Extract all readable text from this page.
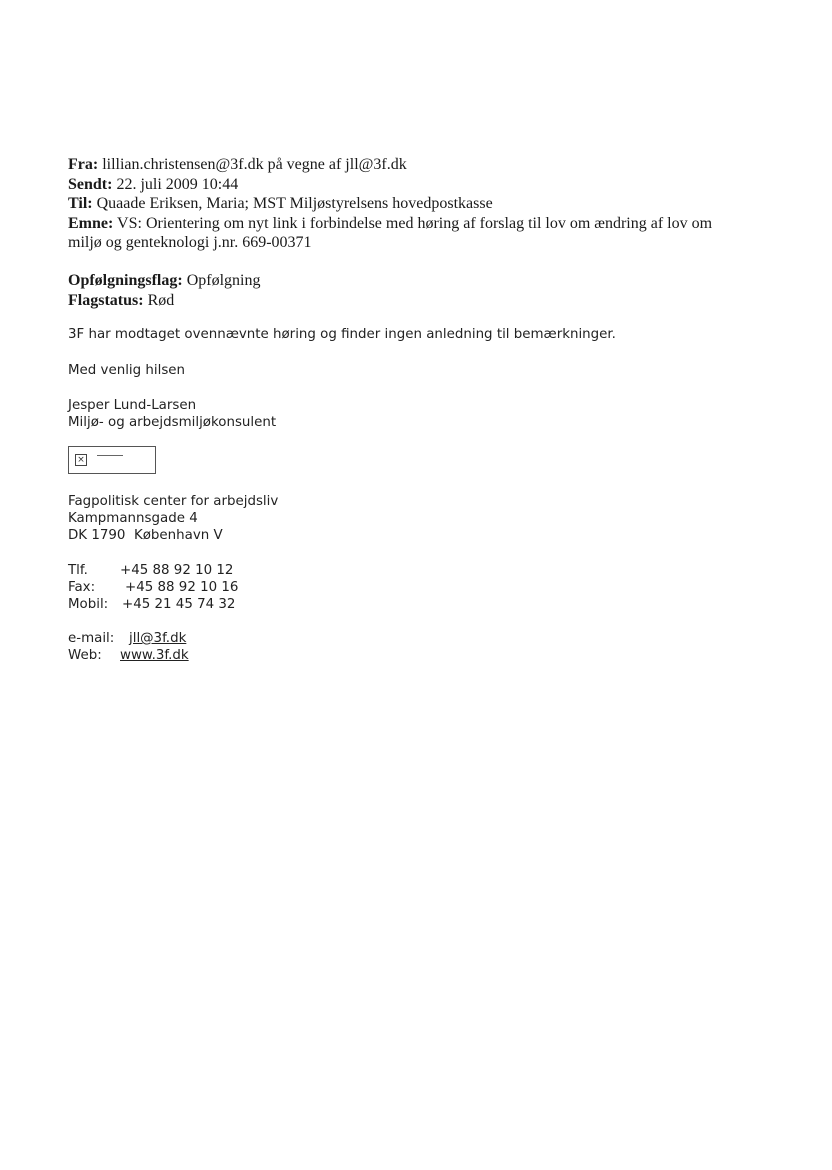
Fra: lillian.christensen@3f.dk på vegne af jll@3f.dk

Sendt: 22. juli 2009 10:44

Til: Quaade Eriksen, Maria; MST Miljøstyrelsens hovedpostkasse

Emne: VS: Orientering om nyt link i forbindelse med høring af forslag til lov om ændring af lov om

miljø og genteknologi j.nr. 669-00371

Opfølgningsflag: Opfølgning

Flagstatus: Rød

3F har modtaget ovennævnte høring og finder ingen anledning til bemærkninger.

Med venlig hilsen

Jesper Lund-Larsen

Miljø- og arbejdsmiljøkonsulent

×

Fagpolitisk center for arbejdsliv

Kampmannsgade 4

DK 1790  København V

Tlf.	+45 88 92 10 12
Fax:	+45 88 92 10 16
Mobil:	+45 21 45 74 32
e-mail:	jll@3f.dk
Web:	www.3f.dk
